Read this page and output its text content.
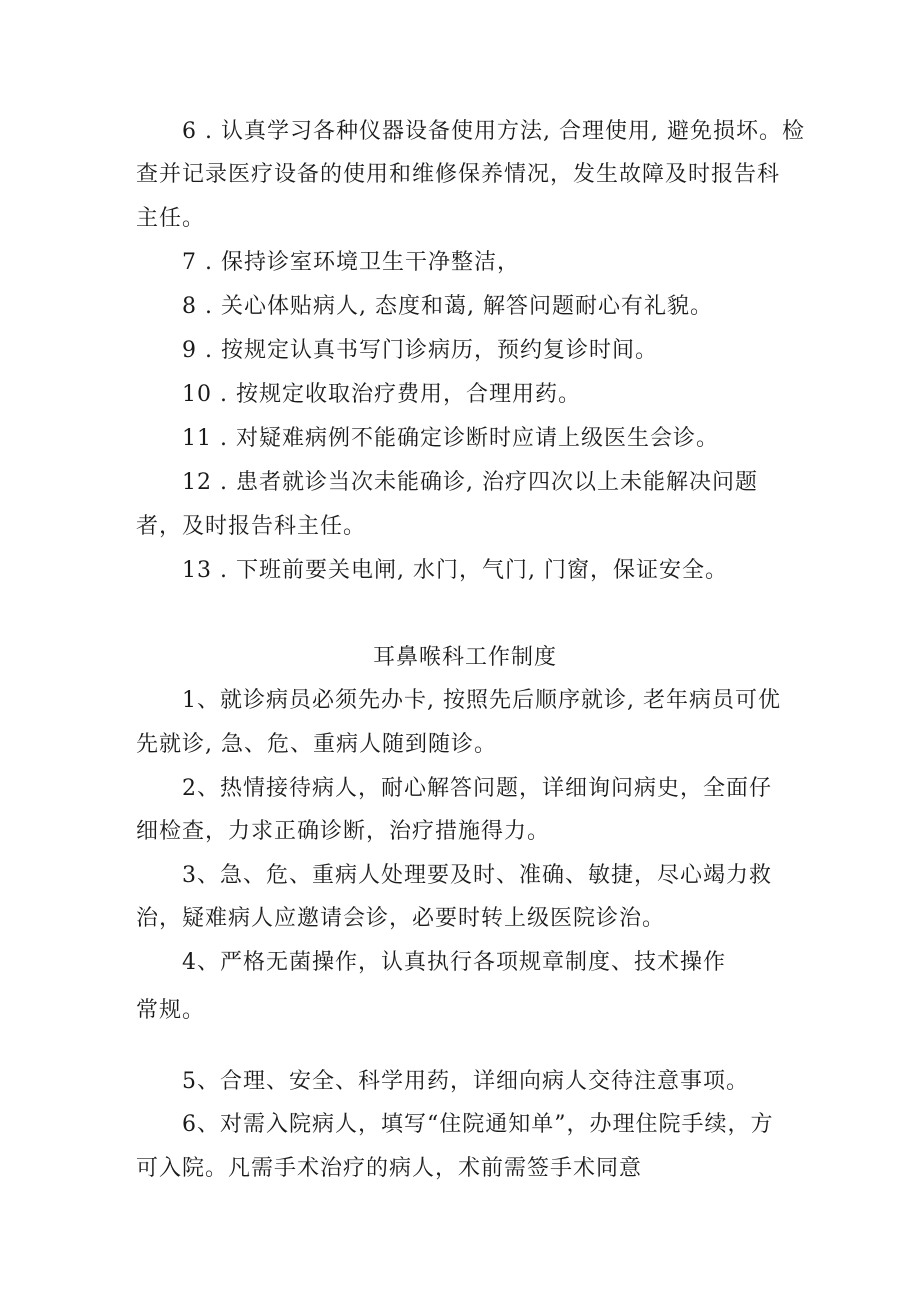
6 . 认真学习各种仪器设备使用方法, 合理使用, 避免损坏。检
查并记录医疗设备的使用和维修保养情况，发生故障及时报告科
主任。
7 . 保持诊室环境卫生干净整洁，
8 . 关心体贴病人, 态度和蔼, 解答问题耐心有礼貌。
9 . 按规定认真书写门诊病历，预约复诊时间。
10 . 按规定收取治疗费用，合理用药。
11 . 对疑难病例不能确定诊断时应请上级医生会诊。
12 . 患者就诊当次未能确诊, 治疗四次以上未能解决问题
者，及时报告科主任。
13 . 下班前要关电闸, 水门，气门, 门窗，保证安全。
耳鼻喉科工作制度
1、就诊病员必须先办卡, 按照先后顺序就诊, 老年病员可优
先就诊, 急、危、重病人随到随诊。
2、热情接待病人，耐心解答问题，详细询问病史，全面仔
细检查，力求正确诊断，治疗措施得力。
3、急、危、重病人处理要及时、准确、敏捷，尽心竭力救
治，疑难病人应邀请会诊，必要时转上级医院诊治。
4、严格无菌操作，认真执行各项规章制度、技术操作
常规。
5、合理、安全、科学用药，详细向病人交待注意事项。
6、对需入院病人，填写“住院通知单”，办理住院手续，方
可入院。凡需手术治疗的病人，术前需签手术同意
